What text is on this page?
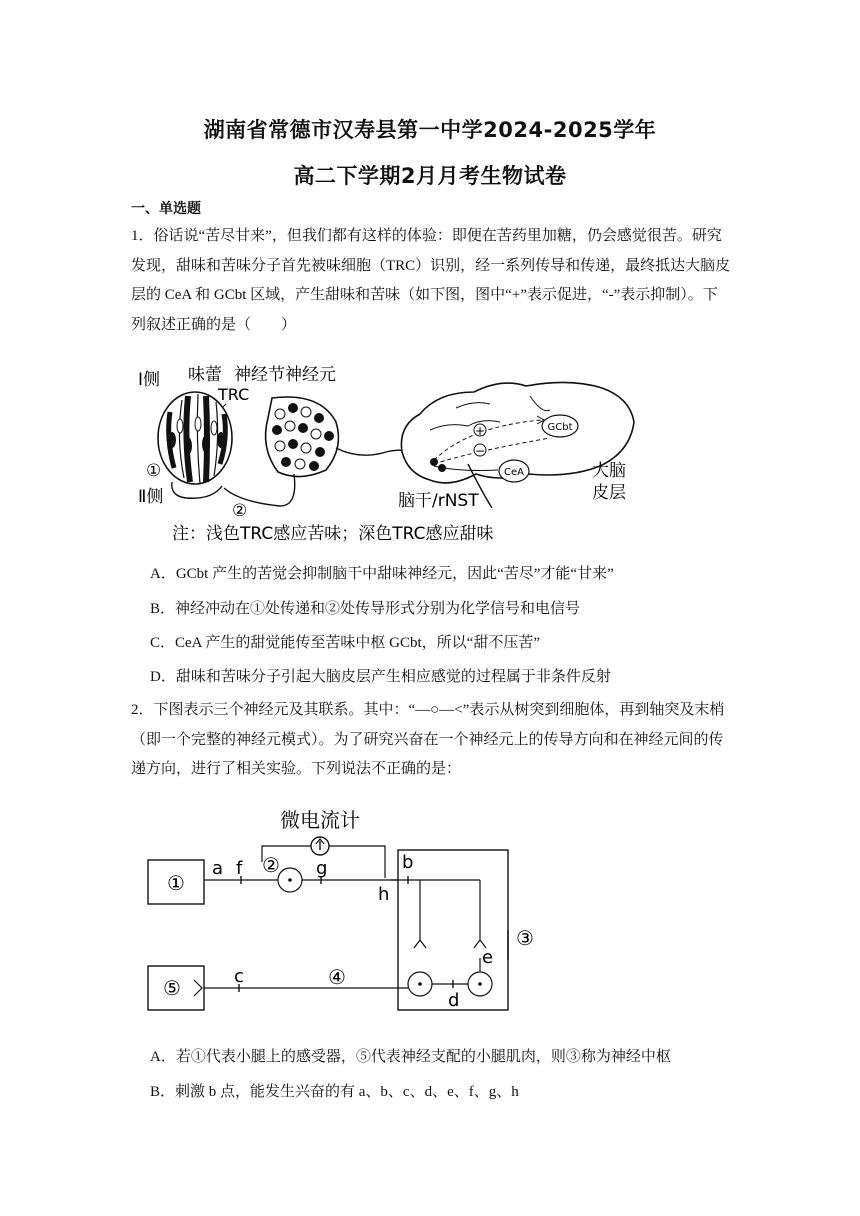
湖南省常德市汉寿县第一中学2024-2025学年
高二下学期2月月考生物试卷
一、单选题
1．俗话说“苦尽甘来”，但我们都有这样的体验：即便在苦药里加糖，仍会感觉很苦。研究
发现，甜味和苦味分子首先被味细胞（TRC）识别，经一系列传导和传递，最终抵达大脑皮
层的 CeA 和 GCbt 区域，产生甜味和苦味（如下图，图中“+”表示促进，“-”表示抑制）。下
列叙述正确的是（　　）
Ⅰ侧 味蕾 神经节神经元
TRC
①
Ⅱ侧
②
GCbt
CeA
+
−
脑干/rNST
大脑
皮层
注：浅色TRC感应苦味；深色TRC感应甜味
A．GCbt 产生的苦觉会抑制脑干中甜味神经元，因此“苦尽”才能“甘来”
B．神经冲动在①处传递和②处传导形式分别为化学信号和电信号
C．CeA 产生的甜觉能传至苦味中枢 GCbt，所以“甜不压苦”
D．甜味和苦味分子引起大脑皮层产生相应感觉的过程属于非条件反射
2．下图表示三个神经元及其联系。其中：“—○—<”表示从树突到细胞体，再到轴突及末梢
（即一个完整的神经元模式）。为了研究兴奋在一个神经元上的传导方向和在神经元间的传
递方向，进行了相关实验。下列说法不正确的是：
微电流计
①
a f ② g
h
b
e
③
d
⑤	c	④
A．若①代表小腿上的感受器，⑤代表神经支配的小腿肌肉，则③称为神经中枢
B．刺激 b 点，能发生兴奋的有 a、b、c、d、e、f、g、h
